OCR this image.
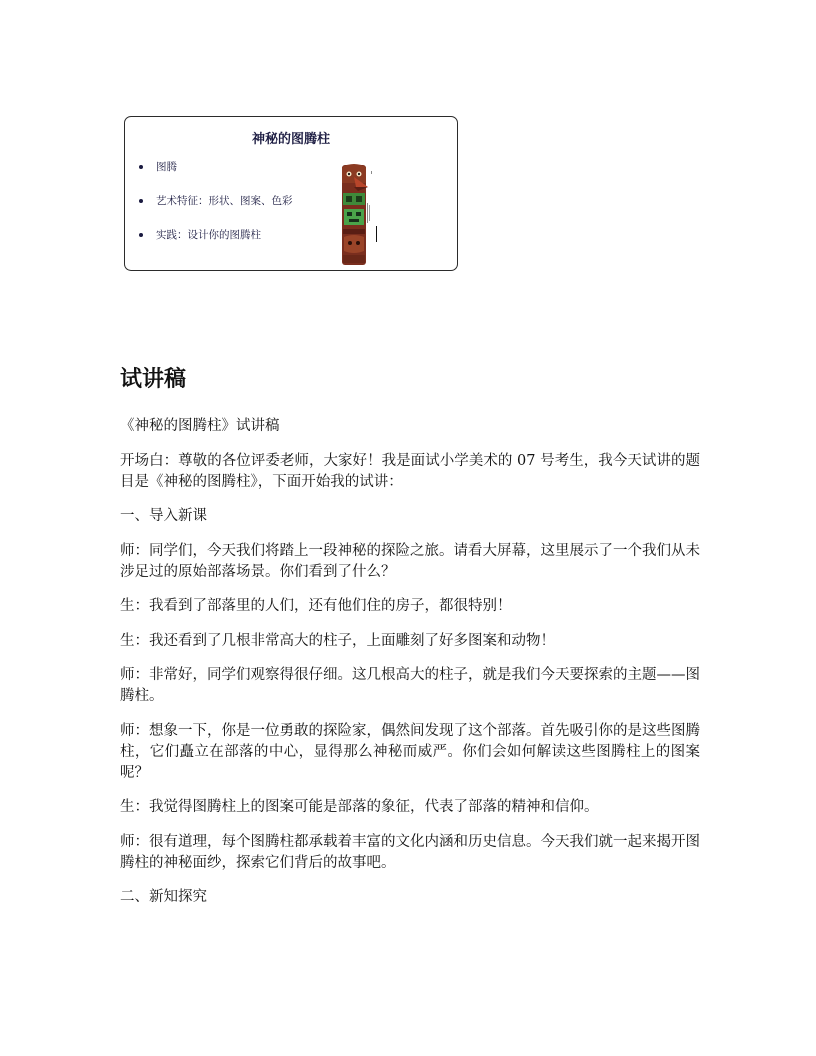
神秘的图腾柱
图腾
艺术特征：形状、图案、色彩
实践：设计你的图腾柱
试讲稿

《神秘的图腾柱》试讲稿

开场白：尊敬的各位评委老师，大家好！我是面试小学美术的 07 号考生，我今天试讲的题目是《神秘的图腾柱》，下面开始我的试讲：

一、导入新课

师：同学们，今天我们将踏上一段神秘的探险之旅。请看大屏幕，这里展示了一个我们从未涉足过的原始部落场景。你们看到了什么？

生：我看到了部落里的人们，还有他们住的房子，都很特别！

生：我还看到了几根非常高大的柱子，上面雕刻了好多图案和动物！

师：非常好，同学们观察得很仔细。这几根高大的柱子，就是我们今天要探索的主题——图腾柱。

师：想象一下，你是一位勇敢的探险家，偶然间发现了这个部落。首先吸引你的是这些图腾柱，它们矗立在部落的中心，显得那么神秘而威严。你们会如何解读这些图腾柱上的图案呢？

生：我觉得图腾柱上的图案可能是部落的象征，代表了部落的精神和信仰。

师：很有道理，每个图腾柱都承载着丰富的文化内涵和历史信息。今天我们就一起来揭开图腾柱的神秘面纱，探索它们背后的故事吧。

二、新知探究
